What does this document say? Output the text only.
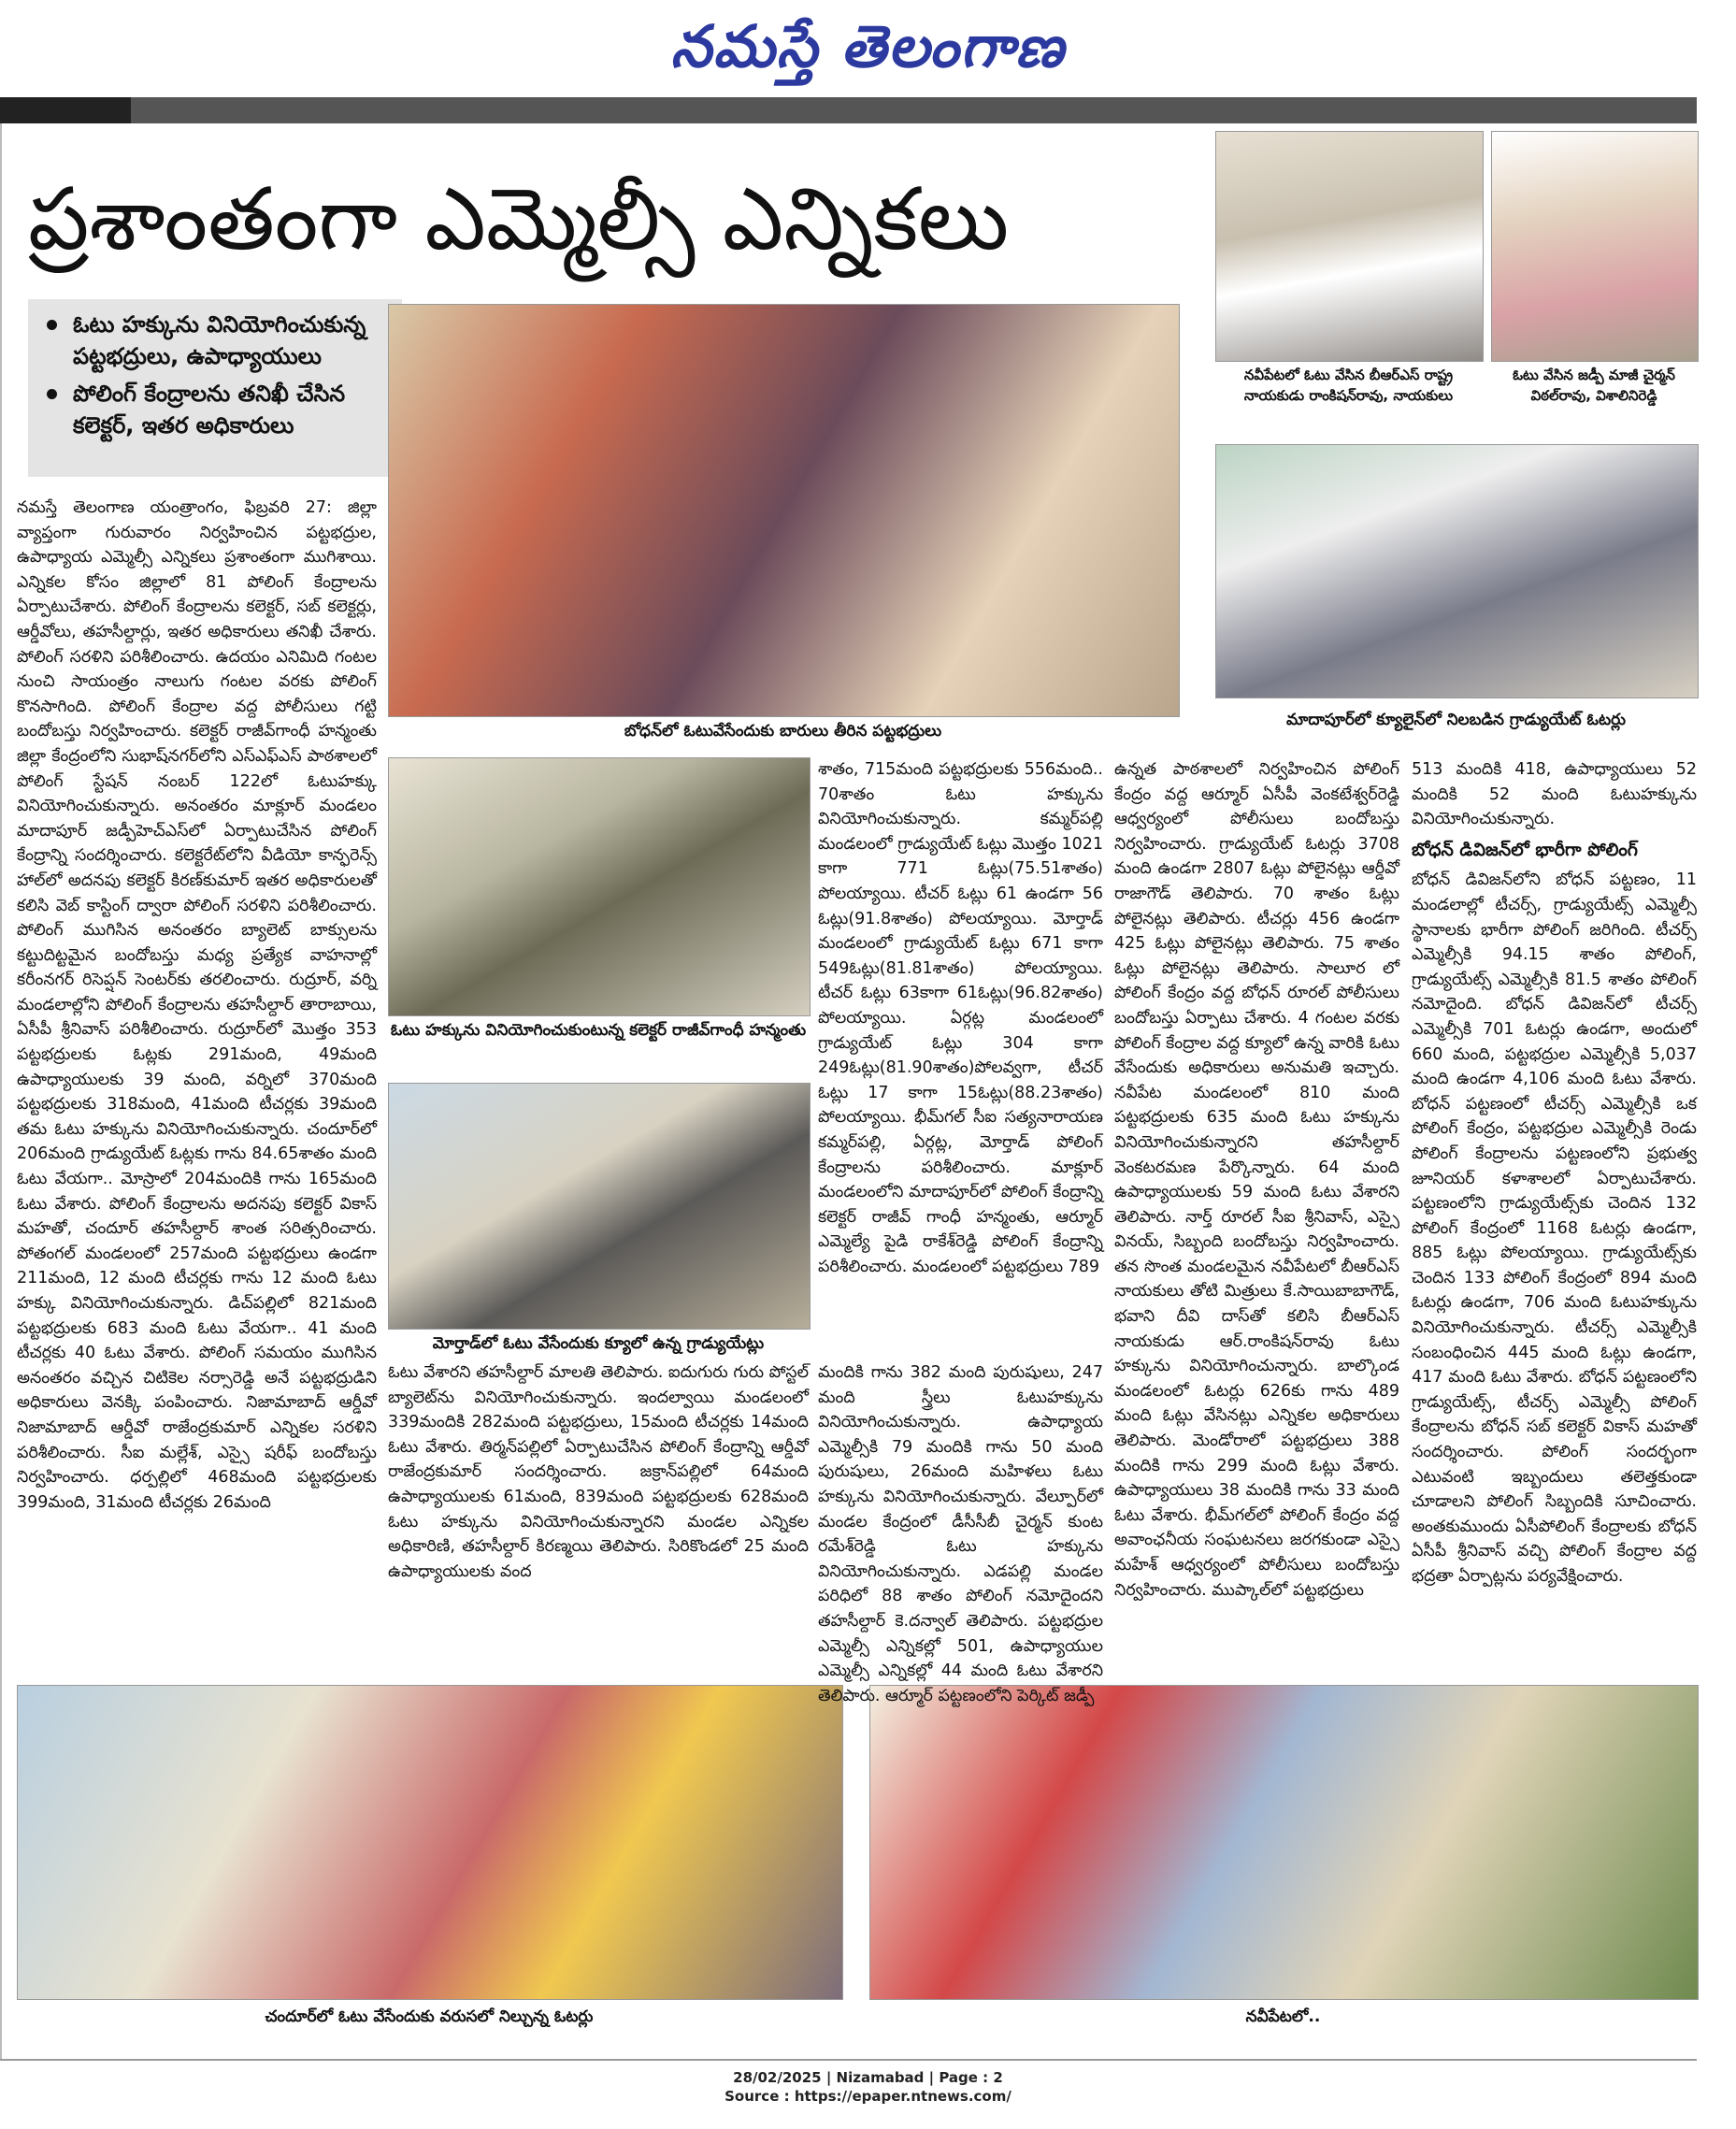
నమస్తే తెలంగాణ
ప్రశాంతంగా ఎమ్మెల్సీ ఎన్నికలు
ఓటు హక్కును వినియోగించుకున్న పట్టభద్రులు, ఉపాధ్యాయులు
పోలింగ్ కేంద్రాలను తనిఖీ చేసిన కలెక్టర్, ఇతర అధికారులు
బోధన్‌లో ఓటువేసేందుకు బారులు తీరిన పట్టభద్రులు
నవీపేటలో ఓటు వేసిన బీఆర్‌ఎస్ రాష్ట్ర నాయకుడు రాంకిషన్‌రావు, నాయకులు
ఓటు వేసిన జడ్పీ మాజీ చైర్మన్ విఠల్‌రావు, విశాలినిరెడ్డి
మాదాపూర్‌లో క్యూలైన్‌లో నిలబడిన గ్రాడ్యుయేట్ ఓటర్లు
ఓటు హక్కును వినియోగించుకుంటున్న కలెక్టర్ రాజీవ్‌గాంధీ హన్మంతు
మోర్తాడ్‌లో ఓటు వేసేందుకు క్యూలో ఉన్న గ్రాడ్యుయేట్లు
చందూర్‌లో ఓటు వేసేందుకు వరుసలో నిల్చున్న ఓటర్లు	నవీపేటలో..

నమస్తే తెలంగాణ యంత్రాంగం, ఫిబ్రవరి 27: జిల్లా వ్యాప్తంగా గురువారం నిర్వహించిన పట్టభద్రుల, ఉపాధ్యాయ ఎమ్మెల్సీ ఎన్నికలు ప్రశాంతంగా ముగిశాయి. ఎన్నికల కోసం జిల్లాలో 81 పోలింగ్ కేంద్రాలను ఏర్పాటుచేశారు. పోలింగ్ కేంద్రాలను కలెక్టర్, సబ్ కలెక్టర్లు, ఆర్డీవోలు, తహసీల్దార్లు, ఇతర అధికారులు తనిఖీ చేశారు. పోలింగ్ సరళిని పరిశీలించారు. ఉదయం ఎనిమిది గంటల నుంచి సాయంత్రం నాలుగు గంటల వరకు పోలింగ్ కొనసాగింది. పోలింగ్ కేంద్రాల వద్ద పోలీసులు గట్టి బందోబస్తు నిర్వహించారు. కలెక్టర్ రాజీవ్‌గాంధీ హన్మంతు జిల్లా కేంద్రంలోని సుభాష్‌నగర్‌లోని ఎస్‌ఎఫ్‌ఎస్ పాఠశాలలో పోలింగ్ స్టేషన్ నంబర్ 122లో ఓటుహక్కు వినియోగించుకున్నారు. అనంతరం మాక్లూర్ మండలం మాదాపూర్ జడ్పీహెచ్‌ఎస్‌లో ఏర్పాటుచేసిన పోలింగ్ కేంద్రాన్ని సందర్శించారు. కలెక్టరేట్‌లోని వీడియో కాన్ఫరెన్స్ హాల్‌లో అదనపు కలెక్టర్ కిరణ్‌కుమార్ ఇతర అధికారులతో కలిసి వెబ్ కాస్టింగ్ ద్వారా పోలింగ్ సరళిని పరిశీలించారు. పోలింగ్ ముగిసిన అనంతరం బ్యాలెట్ బాక్సులను కట్టుదిట్టమైన బందోబస్తు మధ్య ప్రత్యేక వాహనాల్లో కరీంనగర్ రిసెప్షన్ సెంటర్‌కు తరలించారు. రుద్రూర్, వర్ని మండలాల్లోని పోలింగ్ కేంద్రాలను తహసీల్దార్ తారాబాయి, ఏసీపీ శ్రీనివాస్ పరిశీలించారు. రుద్రూర్‌లో మొత్తం 353 పట్టభద్రులకు ఓట్లకు 291మంది, 49మంది ఉపాధ్యాయులకు 39 మంది, వర్నిలో 370మంది పట్టభద్రులకు 318మంది, 41మంది టీచర్లకు 39మంది తమ ఓటు హక్కును వినియోగించుకున్నారు. చందూర్‌లో 206మంది గ్రాడ్యుయేట్ ఓట్లకు గాను 84.65శాతం మంది ఓటు వేయగా.. మోస్రాలో 204మందికి గాను 165మంది ఓటు వేశారు. పోలింగ్ కేంద్రాలను అదనపు కలెక్టర్ వికాస్ మహతో, చందూర్ తహసీల్దార్ శాంత సరిత్సరించారు. పోతంగల్ మండలంలో 257మంది పట్టభద్రులు ఉండగా 211మంది, 12 మంది టీచర్లకు గాను 12 మంది ఓటు హక్కు వినియోగించుకున్నారు. డిచ్‌పల్లిలో 821మంది పట్టభద్రులకు 683 మంది ఓటు వేయగా.. 41 మంది టీచర్లకు 40 ఓటు వేశారు. పోలింగ్ సమయం ముగిసిన అనంతరం వచ్చిన చిటికెల నర్సారెడ్డి అనే పట్టభద్రుడిని అధికారులు వెనక్కి పంపించారు. నిజామాబాద్ ఆర్డీవో నిజామాబాద్ ఆర్డీవో రాజేంద్రకుమార్ ఎన్నికల సరళిని పరిశీలించారు. సీఐ మల్లేశ్, ఎస్సై షరీఫ్ బందోబస్తు నిర్వహించారు. ధర్పల్లిలో 468మంది పట్టభద్రులకు 399మంది, 31మంది టీచర్లకు 26మంది

ఓటు వేశారని తహసీల్దార్ మాలతి తెలిపారు. ఐదుగురు గురు పోస్టల్ బ్యాలెట్‌ను వినియోగించుకున్నారు. ఇందల్వాయి మండలంలో 339మందికి 282మంది పట్టభద్రులు, 15మంది టీచర్లకు 14మంది ఓటు వేశారు. తిర్మన్‌పల్లిలో ఏర్పాటుచేసిన పోలింగ్ కేంద్రాన్ని ఆర్డీవో రాజేంద్రకుమార్ సందర్శించారు. జక్రాన్‌పల్లిలో 64మంది ఉపాధ్యాయులకు 61మంది, 839మంది పట్టభద్రులకు 628మంది ఓటు హక్కును వినియోగించుకున్నారని మండల ఎన్నికల అధికారిణి, తహసీల్దార్ కిరణ్మయి తెలిపారు. సిరికొండలో 25 మంది ఉపాధ్యాయులకు వంద

శాతం, 715మంది పట్టభద్రులకు 556మంది.. 70శాతం ఓటు హక్కును వినియోగించుకున్నారు. కమ్మర్‌పల్లి మండలంలో గ్రాడ్యుయేట్ ఓట్లు మొత్తం 1021 కాగా 771 ఓట్లు(75.51శాతం) పోలయ్యాయి. టీచర్ ఓట్లు 61 ఉండగా 56 ఓట్లు(91.8శాతం) పోలయ్యాయి. మోర్తాడ్ మండలంలో గ్రాడ్యుయేట్ ఓట్లు 671 కాగా 549ఓట్లు(81.81శాతం) పోలయ్యాయి. టీచర్ ఓట్లు 63కాగా 61ఓట్లు(96.82శాతం) పోలయ్యాయి. ఏర్గట్ల మండలంలో గ్రాడ్యుయేట్ ఓట్లు 304 కాగా 249ఓట్లు(81.90శాతం)పోలవ్వగా, టీచర్ ఓట్లు 17 కాగా 15ఓట్లు(88.23శాతం) పోలయ్యాయి. భీమ్‌గల్ సీఐ సత్యనారాయణ కమ్మర్‌పల్లి, ఏర్గట్ల, మోర్తాడ్ పోలింగ్ కేంద్రాలను పరిశీలించారు. మాక్లూర్ మండలంలోని మాదాపూర్‌లో పోలింగ్ కేంద్రాన్ని కలెక్టర్ రాజీవ్ గాంధీ హన్మంతు, ఆర్మూర్ ఎమ్మెల్యే పైడి రాకేశ్‌రెడ్డి పోలింగ్ కేంద్రాన్ని పరిశీలించారు. మండలంలో పట్టభద్రులు 789

మందికి గాను 382 మంది పురుషులు, 247 మంది స్త్రీలు ఓటుహక్కును వినియోగించుకున్నారు. ఉపాధ్యాయ ఎమ్మెల్సీకి 79 మందికి గాను 50 మంది పురుషులు, 26మంది మహిళలు ఓటు హక్కును వినియోగించుకున్నారు. వేల్పూర్‌లో మండల కేంద్రంలో డీసీసీబీ చైర్మన్ కుంట రమేశ్‌రెడ్డి ఓటు హక్కును వినియోగించుకున్నారు. ఎడపల్లి మండల పరిధిలో 88 శాతం పోలింగ్ నమోదైందని తహసీల్దార్ కె.దన్వాల్ తెలిపారు. పట్టభద్రుల ఎమ్మెల్సీ ఎన్నికల్లో 501, ఉపాధ్యాయుల ఎమ్మెల్సీ ఎన్నికల్లో 44 మంది ఓటు వేశారని తెలిపారు. ఆర్మూర్ పట్టణంలోని పెర్కిట్ జడ్పీ

ఉన్నత పాఠశాలలో నిర్వహించిన పోలింగ్ కేంద్రం వద్ద ఆర్మూర్ ఏసీపీ వెంకటేశ్వర్‌రెడ్డి ఆధ్వర్యంలో పోలీసులు బందోబస్తు నిర్వహించారు. గ్రాడ్యుయేట్ ఓటర్లు 3708 మంది ఉండగా 2807 ఓట్లు పోలైనట్లు ఆర్డీవో రాజాగౌడ్ తెలిపారు. 70 శాతం ఓట్లు పోలైనట్లు తెలిపారు. టీచర్లు 456 ఉండగా 425 ఓట్లు పోలైనట్లు తెలిపారు. 75 శాతం ఓట్లు పోలైనట్లు తెలిపారు. సాలూర లో పోలింగ్ కేంద్రం వద్ద బోధన్ రూరల్ పోలీసులు బందోబస్తు ఏర్పాటు చేశారు. 4 గంటల వరకు పోలింగ్ కేంద్రాల వద్ద క్యూలో ఉన్న వారికి ఓటు వేసేందుకు అధికారులు అనుమతి ఇచ్చారు. నవీపేట మండలంలో 810 మంది పట్టభద్రులకు 635 మంది ఓటు హక్కును వినియోగించుకున్నారని తహసీల్దార్ వెంకటరమణ పేర్కొన్నారు. 64 మంది ఉపాధ్యాయులకు 59 మంది ఓటు వేశారని తెలిపారు. నార్త్ రూరల్ సీఐ శ్రీనివాస్, ఎస్సై వినయ్, సిబ్బంది బందోబస్తు నిర్వహించారు. తన సొంత మండలమైన నవీపేటలో బీఆర్‌ఎస్ నాయకులు తోటి మిత్రులు కే.సాయిబాబాగౌడ్, భవాని దీవి దాస్‌తో కలిసి బీఆర్‌ఎస్ నాయకుడు ఆర్.రాంకిషన్‌రావు ఓటు హక్కును వినియోగించున్నారు. బాల్కొండ మండలంలో ఓటర్లు 626కు గాను 489 మంది ఓట్లు వేసినట్లు ఎన్నికల అధికారులు తెలిపారు. మెండోరాలో పట్టభద్రులు 388 మందికి గాను 299 మంది ఓట్లు వేశారు. ఉపాధ్యాయులు 38 మందికి గాను 33 మంది ఓటు వేశారు. భీమ్‌గల్‌లో పోలింగ్ కేంద్రం వద్ద అవాంఛనీయ సంఘటనలు జరగకుండా ఎస్సై మహేశ్ ఆధ్వర్యంలో పోలీసులు బందోబస్తు నిర్వహించారు. ముప్కాల్‌లో పట్టభద్రులు

513 మందికి 418, ఉపాధ్యాయులు 52 మందికి 52 మంది ఓటుహక్కును వినియోగించుకున్నారు.

బోధన్ డివిజన్‌లో భారీగా పోలింగ్

బోధన్ డివిజన్‌లోని బోధన్ పట్టణం, 11 మండలాల్లో టీచర్స్, గ్రాడ్యుయేట్స్ ఎమ్మెల్సీ స్థానాలకు భారీగా పోలింగ్ జరిగింది. టీచర్స్ ఎమ్మెల్సీకి 94.15 శాతం పోలింగ్, గ్రాడ్యుయేట్స్ ఎమ్మెల్సీకి 81.5 శాతం పోలింగ్ నమోదైంది. బోధన్ డివిజన్‌లో టీచర్స్ ఎమ్మెల్సీకి 701 ఓటర్లు ఉండగా, అందులో 660 మంది, పట్టభద్రుల ఎమ్మెల్సీకి 5,037 మంది ఉండగా 4,106 మంది ఓటు వేశారు. బోధన్ పట్టణంలో టీచర్స్ ఎమ్మెల్సీకి ఒక పోలింగ్ కేంద్రం, పట్టభద్రుల ఎమ్మెల్సీకి రెండు పోలింగ్ కేంద్రాలను పట్టణంలోని ప్రభుత్వ జూనియర్ కళాశాలలో ఏర్పాటుచేశారు. పట్టణంలోని గ్రాడ్యుయేట్స్‌కు చెందిన 132 పోలింగ్ కేంద్రంలో 1168 ఓటర్లు ఉండగా, 885 ఓట్లు పోలయ్యాయి. గ్రాడ్యుయేట్స్‌కు చెందిన 133 పోలింగ్ కేంద్రంలో 894 మంది ఓటర్లు ఉండగా, 706 మంది ఓటుహక్కును వినియోగించుకున్నారు. టీచర్స్ ఎమ్మెల్సీకి సంబంధించిన 445 మంది ఓట్లు ఉండగా, 417 మంది ఓటు వేశారు. బోధన్ పట్టణంలోని గ్రాడ్యుయేట్స్, టీచర్స్ ఎమ్మెల్సీ పోలింగ్ కేంద్రాలను బోధన్ సబ్ కలెక్టర్ వికాస్ మహతో సందర్శించారు. పోలింగ్ సందర్భంగా ఎటువంటి ఇబ్బందులు తలెత్తకుండా చూడాలని పోలింగ్ సిబ్బందికి సూచించారు. అంతకుముందు ఏసీపోలింగ్ కేంద్రాలకు బోధన్ ఏసీపీ శ్రీనివాస్ వచ్చి పోలింగ్ కేంద్రాల వద్ద భద్రతా ఏర్పాట్లను పర్యవేక్షించారు.

28/02/2025 | Nizamabad | Page : 2
Source : https://epaper.ntnews.com/
